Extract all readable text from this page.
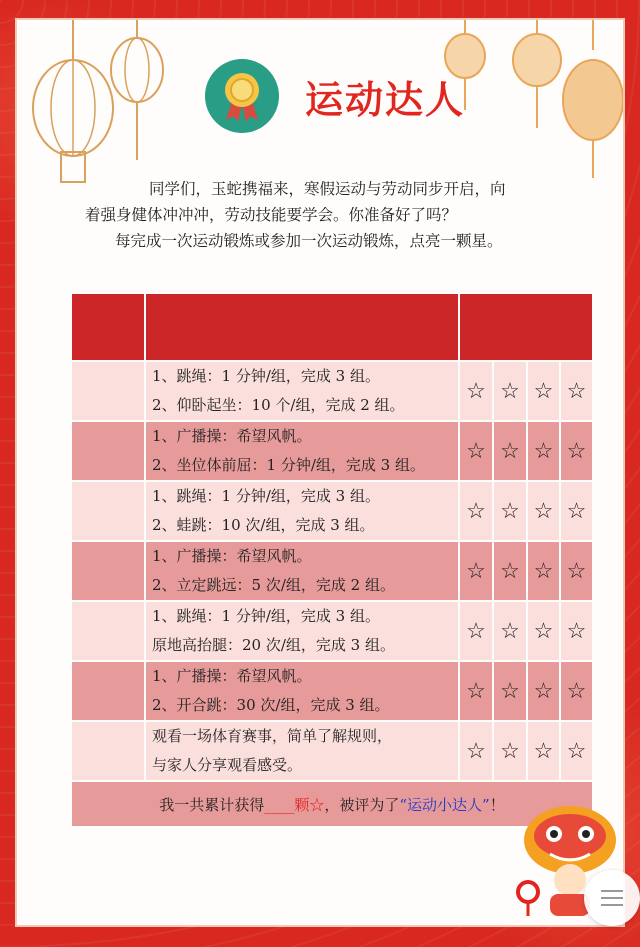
运动达人

同学们，玉蛇携福来，寒假运动与劳动同步开启，向

着强身健体冲冲冲，劳动技能要学会。你准备好了吗？

每完成一次运动锻炼或参加一次运动锻炼，点亮一颗星。

	1、跳绳：1 分钟/组，完成 3 组。
2、仰卧起坐：10 个/组，完成 2 组。	☆	☆	☆	☆

	1、广播操：希望风帆。
2、坐位体前屈：1 分钟/组，完成 3 组。	☆	☆	☆	☆

	1、跳绳：1 分钟/组，完成 3 组。
2、蛙跳：10 次/组，完成 3 组。	☆	☆	☆	☆

	1、广播操：希望风帆。
2、立定跳远：5 次/组，完成 2 组。	☆	☆	☆	☆

	1、跳绳：1 分钟/组，完成 3 组。
原地高抬腿：20 次/组，完成 3 组。	☆	☆	☆	☆

	1、广播操：希望风帆。
2、开合跳：30 次/组，完成 3 组。	☆	☆	☆	☆

	观看一场体育赛事，简单了解规则，
与家人分享观看感受。	☆	☆	☆	☆
我一共累计获得____颗☆，被评为了“运动小达人”！					
